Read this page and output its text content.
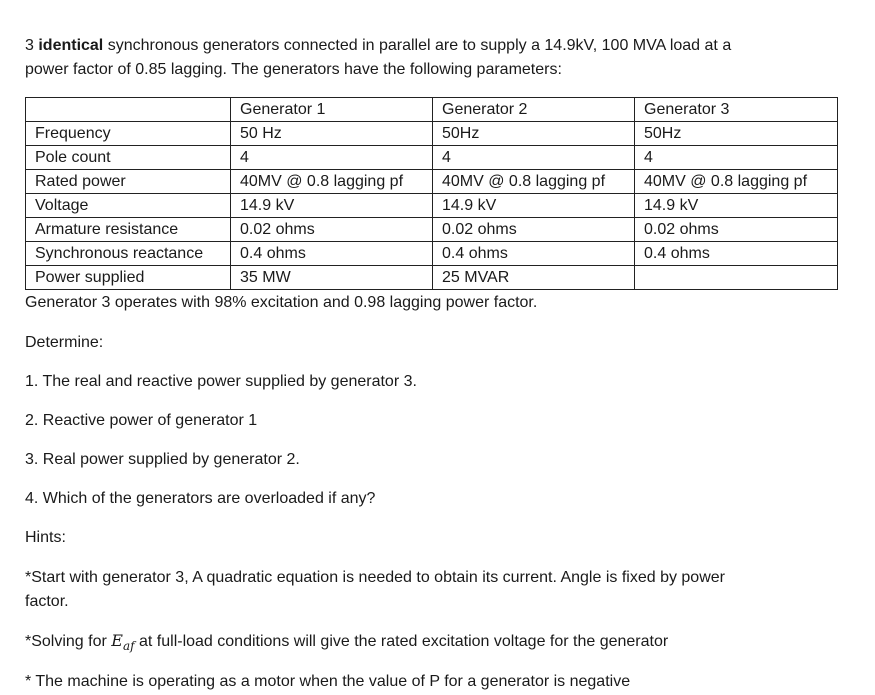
3 identical synchronous generators connected in parallel are to supply a 14.9kV, 100 MVA load at a
power factor of 0.85 lagging. The generators have the following parameters:
	Generator 1	Generator 2	Generator 3
Frequency	50 Hz	50Hz	50Hz
Pole count	4	4	4
Rated power	40MV @ 0.8 lagging pf	40MV @ 0.8 lagging pf	40MV @ 0.8 lagging pf
Voltage	14.9 kV	14.9 kV	14.9 kV
Armature resistance	0.02 ohms	0.02 ohms	0.02 ohms
Synchronous reactance	0.4 ohms	0.4 ohms	0.4 ohms
Power supplied	35 MW	25 MVAR	
Generator 3 operates with 98% excitation and 0.98 lagging power factor.
Determine:
1. The real and reactive power supplied by generator 3.
2. Reactive power of generator 1
3. Real power supplied by generator 2.
4. Which of the generators are overloaded if any?
Hints:
*Start with generator 3, A quadratic equation is needed to obtain its current. Angle is fixed by power
factor.
*Solving for $E_{af}$ at full-load conditions will give the rated excitation voltage for the generator
* The machine is operating as a motor when the value of P for a generator is negative
